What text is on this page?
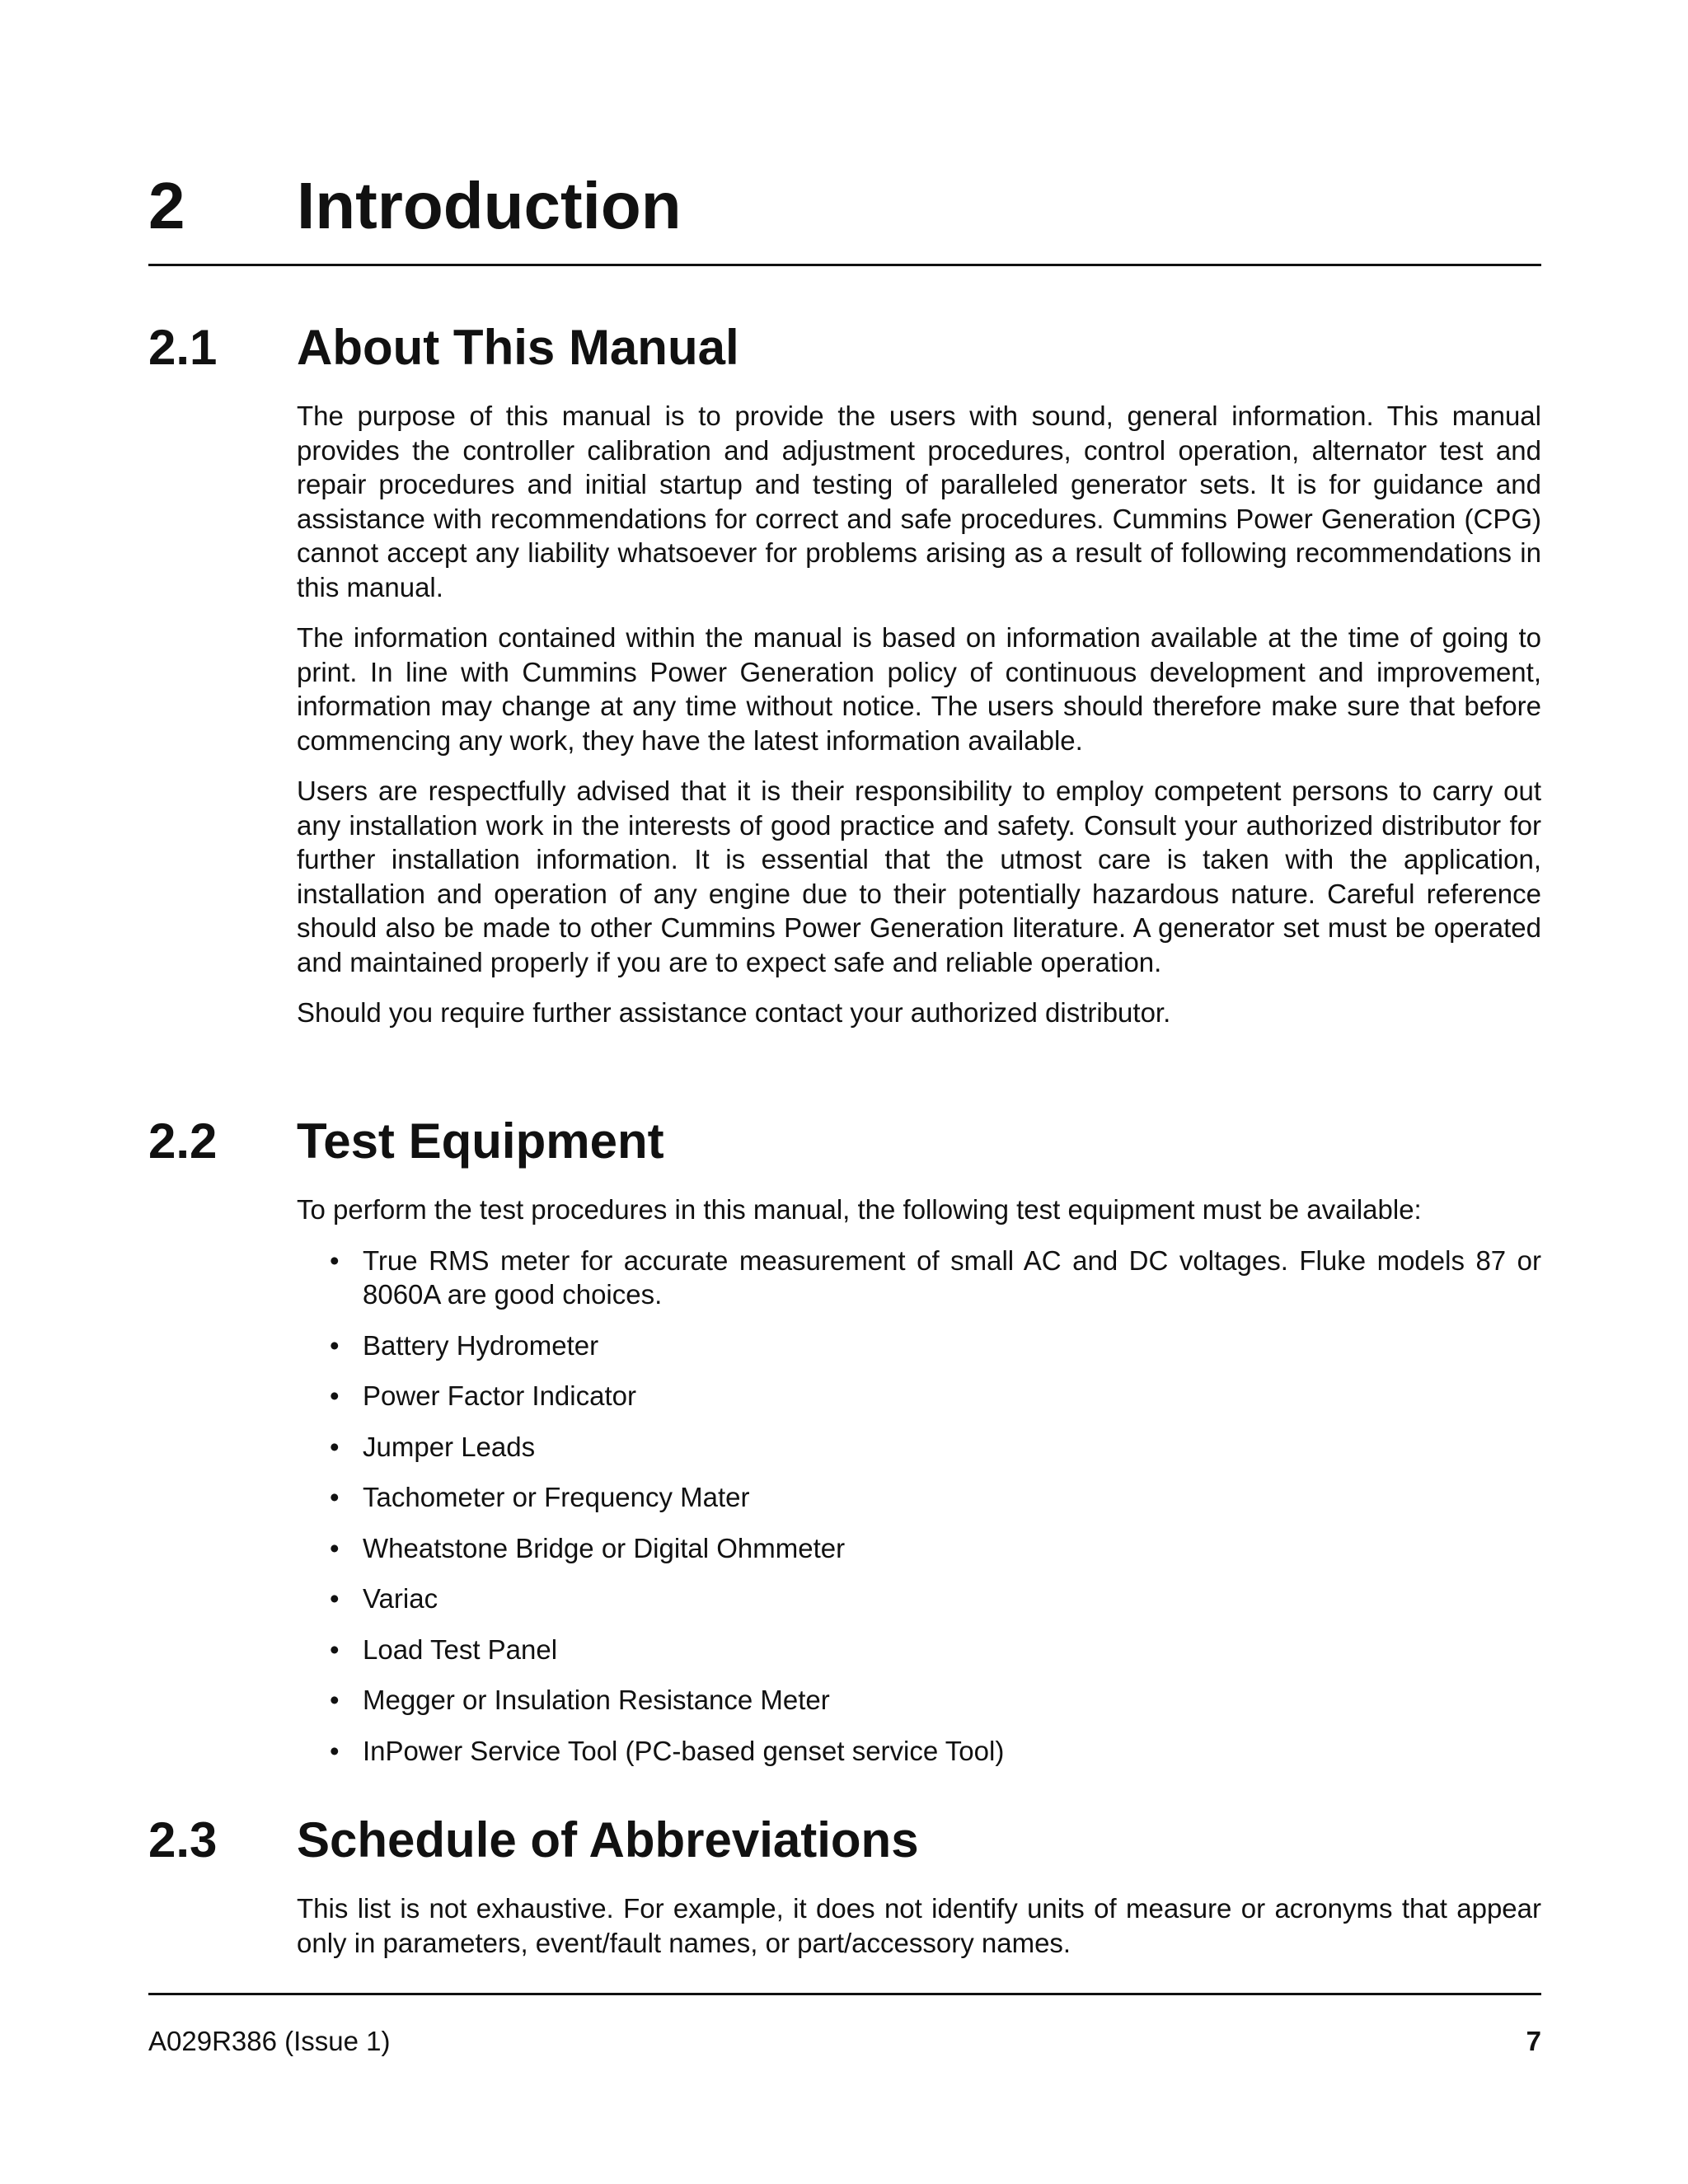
2 Introduction
2.1 About This Manual

The purpose of this manual is to provide the users with sound, general information. This manual provides the controller calibration and adjustment procedures, control operation, alternator test and repair procedures and initial startup and testing of paralleled generator sets. It is for guidance and assistance with recommendations for correct and safe procedures. Cummins Power Generation (CPG) cannot accept any liability whatsoever for problems arising as a result of following recommendations in this manual.

The information contained within the manual is based on information available at the time of going to print. In line with Cummins Power Generation policy of continuous development and improvement, information may change at any time without notice. The users should therefore make sure that before commencing any work, they have the latest information available.

Users are respectfully advised that it is their responsibility to employ competent persons to carry out any installation work in the interests of good practice and safety. Consult your authorized distributor for further installation information. It is essential that the utmost care is taken with the application, installation and operation of any engine due to their potentially hazardous nature. Careful reference should also be made to other Cummins Power Generation literature. A generator set must be operated and maintained properly if you are to expect safe and reliable operation.

Should you require further assistance contact your authorized distributor.

2.2 Test Equipment

To perform the test procedures in this manual, the following test equipment must be available:

• True RMS meter for accurate measurement of small AC and DC voltages. Fluke models 87 or 8060A are good choices.
• Battery Hydrometer
• Power Factor Indicator
• Jumper Leads
• Tachometer or Frequency Mater
• Wheatstone Bridge or Digital Ohmmeter
• Variac
• Load Test Panel
• Megger or Insulation Resistance Meter
• InPower Service Tool (PC-based genset service Tool)
2.3 Schedule of Abbreviations

This list is not exhaustive. For example, it does not identify units of measure or acronyms that appear only in parameters, event/fault names, or part/accessory names.

A029R386 (Issue 1)	7
